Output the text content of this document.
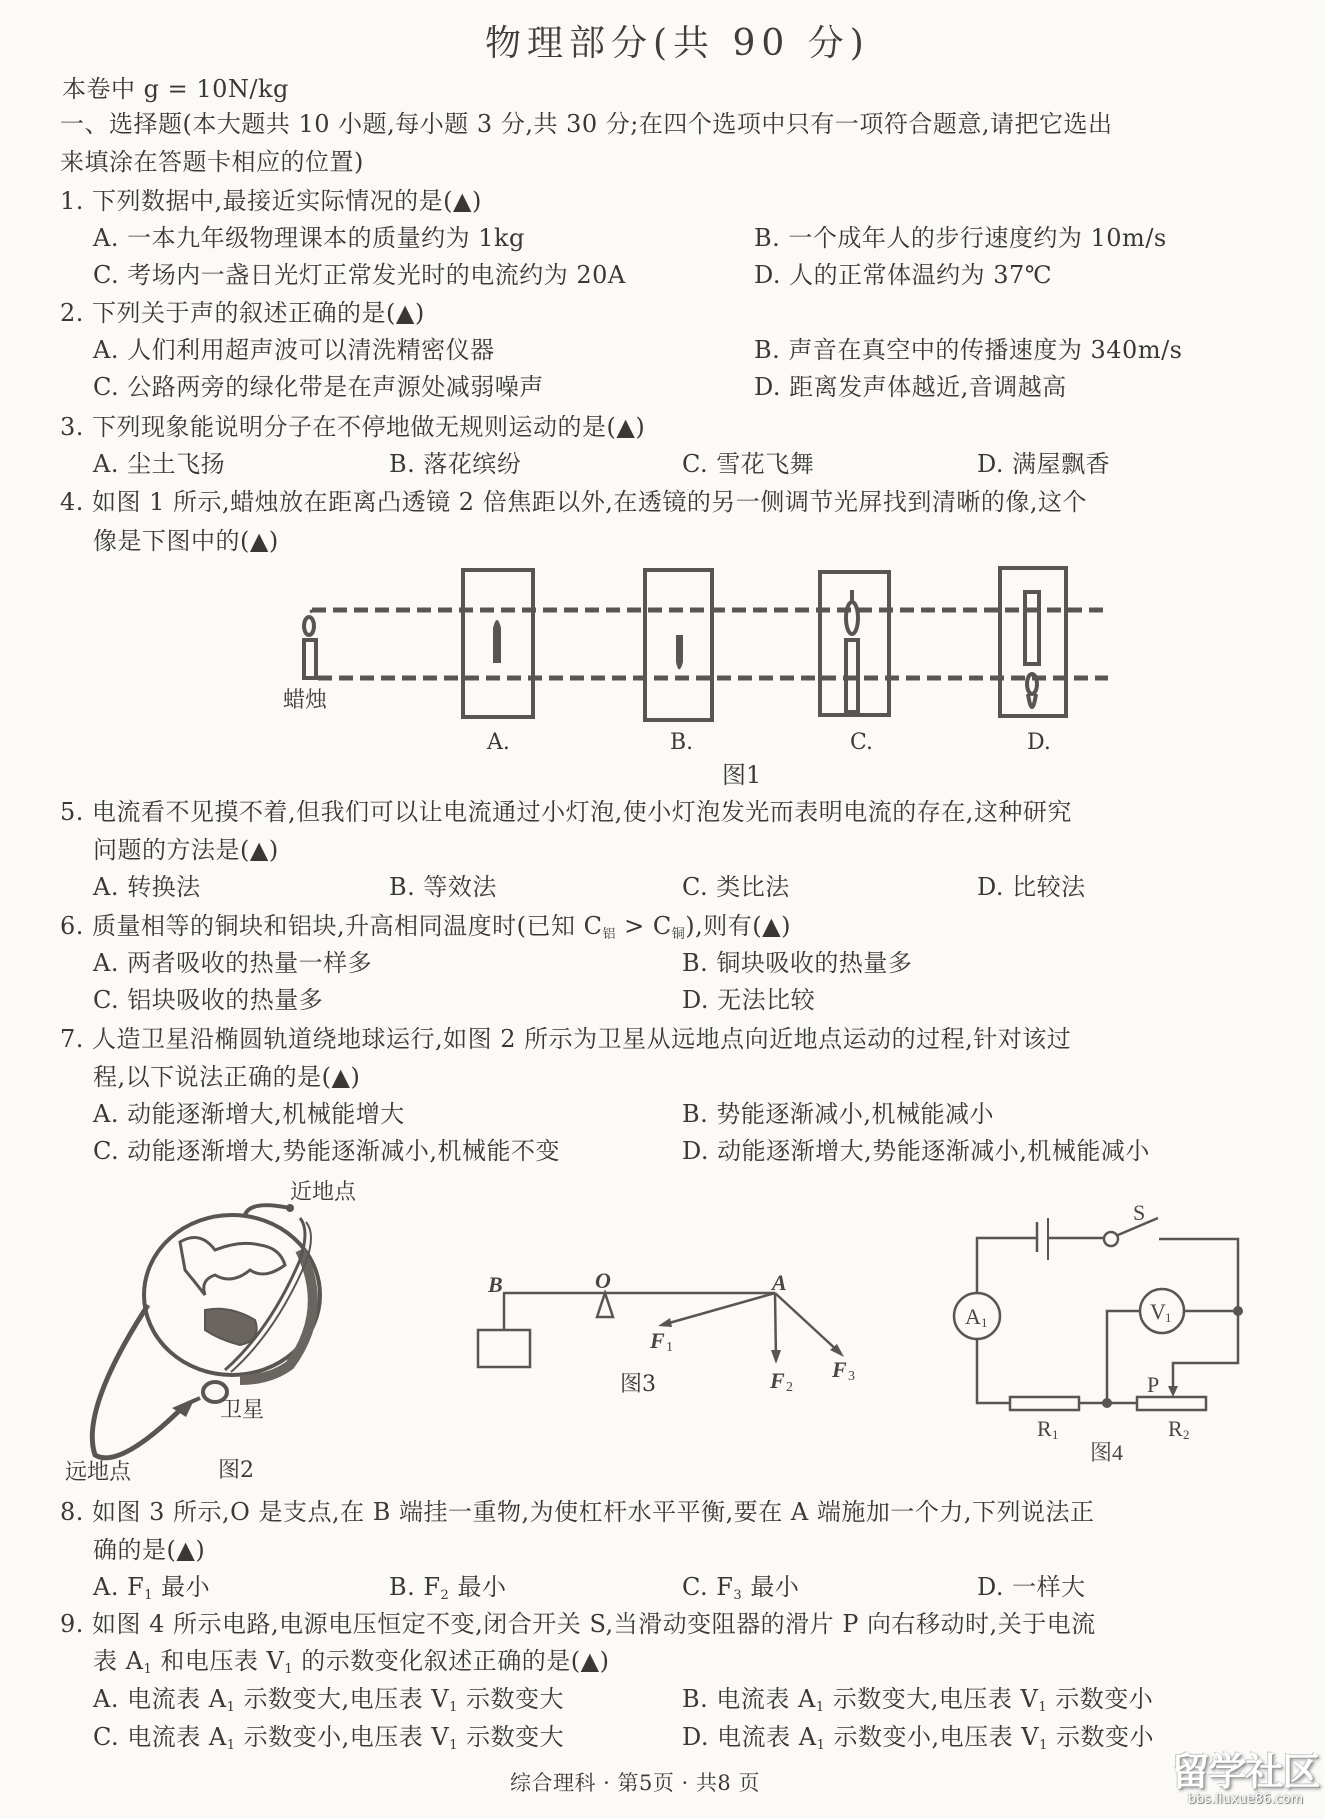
物理部分(共 90 分)
本卷中 g = 10N/kg
一、选择题(本大题共 10 小题,每小题 3 分,共 30 分;在四个选项中只有一项符合题意,请把它选出
来填涂在答题卡相应的位置)
1. 下列数据中,最接近实际情况的是(▲)
A. 一本九年级物理课本的质量约为 1kg	B. 一个成年人的步行速度约为 10m/s
C. 考场内一盏日光灯正常发光时的电流约为 20A	D. 人的正常体温约为 37℃
2. 下列关于声的叙述正确的是(▲)
A. 人们利用超声波可以清洗精密仪器	B. 声音在真空中的传播速度为 340m/s
C. 公路两旁的绿化带是在声源处减弱噪声	D. 距离发声体越近,音调越高
3. 下列现象能说明分子在不停地做无规则运动的是(▲)
A. 尘土飞扬	B. 落花缤纷	C. 雪花飞舞	D. 满屋飘香
4. 如图 1 所示,蜡烛放在距离凸透镜 2 倍焦距以外,在透镜的另一侧调节光屏找到清晰的像,这个
像是下图中的(▲)
蜡烛
A.	B.	C.	D.
图1
5. 电流看不见摸不着,但我们可以让电流通过小灯泡,使小灯泡发光而表明电流的存在,这种研究
问题的方法是(▲)
A. 转换法	B. 等效法	C. 类比法	D. 比较法
6. 质量相等的铜块和铝块,升高相同温度时(已知 $C_铝 > C_铜$),则有(▲)
A. 两者吸收的热量一样多	B. 铜块吸收的热量多
C. 铝块吸收的热量多	D. 无法比较
7. 人造卫星沿椭圆轨道绕地球运行,如图 2 所示为卫星从远地点向近地点运动的过程,针对该过
程,以下说法正确的是(▲)
A. 动能逐渐增大,机械能增大	B. 势能逐渐减小,机械能减小
C. 动能逐渐增大,势能逐渐减小,机械能不变	D. 动能逐渐增大,势能逐渐减小,机械能减小
近地点
卫星
远地点	图2
B	O	A
F
F F
1
2
3
图3
S
A	V
P
R	R
图4
1	1
1	2
8. 如图 3 所示,O 是支点,在 B 端挂一重物,为使杠杆水平平衡,要在 A 端施加一个力,下列说法正
确的是(▲)
A. $F_1$ 最小	B. $F_2$ 最小	C. $F_3$ 最小	D. 一样大
9. 如图 4 所示电路,电源电压恒定不变,闭合开关 S,当滑动变阻器的滑片 P 向右移动时,关于电流
表 $A_1$ 和电压表 $V_1$ 的示数变化叙述正确的是(▲)
A. 电流表 $A_1$ 示数变大,电压表 $V_1$ 示数变大	B. 电流表 $A_1$ 示数变大,电压表 $V_1$ 示数变小
C. 电流表 $A_1$ 示数变小,电压表 $V_1$ 示数变大	D. 电流表 $A_1$ 示数变小,电压表 $V_1$ 示数变小
综合理科 · 第5页 · 共8 页	留学社区
bbs.liuxue86.com
